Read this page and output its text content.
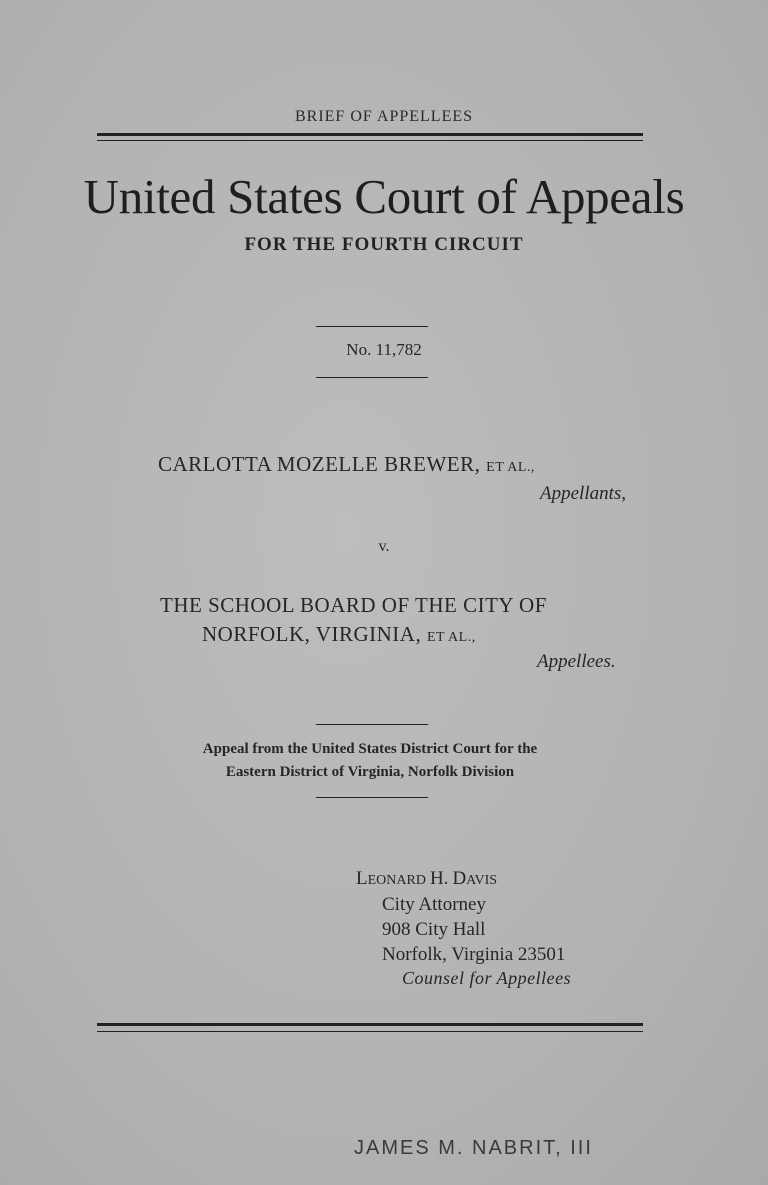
BRIEF OF APPELLEES
United States Court of Appeals
FOR THE FOURTH CIRCUIT
No. 11,782
CARLOTTA MOZELLE BREWER, ET AL.,
Appellants,
v.
THE SCHOOL BOARD OF THE CITY OF
NORFOLK, VIRGINIA, ET AL.,
Appellees.
Appeal from the United States District Court for the
Eastern District of Virginia, Norfolk Division
LEONARD H. DAVIS
City Attorney
908 City Hall
Norfolk, Virginia 23501
Counsel for Appellees
JAMES M. NABRIT, III
